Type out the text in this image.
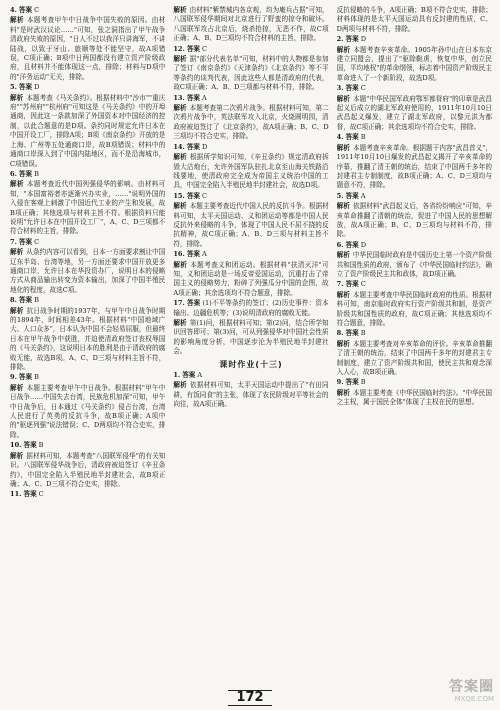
4. 答案 C
解析 本题考查甲午中日战争中国失败的原因。由材料"是时武汉议论……"可知，张之洞指出了甲午战争清政府失败的原因，"日人不过以我洋只讲海军，不讲陆战，以致于牙山、旅顺等处不能坚守，故A项错误，C项正确；B项中日两国都没有建立资产阶级政府，且材料并不能体现这一点，排除；材料与D项中的"洋务运动"无关，排除。
5. 答案 D
解析 本题考查《马关条约》。根据材料中"沙市""重庆府""苏州府""杭州府"可知这是《马关条约》中的开埠通商，因此这一条款加深了外国资本对中国经济的控制，以此合题意的是D项。条约同时规定允许日本在中国开设工厂，排除A项；B项《南京条约》开放的是上海、广州等五处通商口岸，故B项错误；材料中的通商口岸深入到了中国内陆地区，而不是沿海城市，C项错误。
6. 答案 B
解析 本题考查近代中国列强侵华的影响。由材料可知，"本国富裕者亦逐渐兴办实业，……"说明外国的入侵在客观上刺激了中国近代工业的产生和发展，故B项正确；其他选项与材料主旨不符。根据资料只能说明"允许日本在中国开设工厂"，A、C、D三项都不符合材料的主旨，排除。
7. 答案 C
解析 从条约内容可以看到，日本一方面要求割让中国辽东半岛、台湾等地，另一方面还要求中国开放更多通商口岸，允许日本在华投资办厂，说明日本的侵略方式从商品输出转变为资本输出，加深了中国半殖民地化的程度，故选C项。
8. 答案 B
解析 抗日战争时期的1937年，与甲午中日战争时期的1894年，时间相差43年。根据材料"中国地域广大、人口众多"，日本认为中国不会轻易屈服，但最终日本在甲午战争中获胜，并迫使清政府签订丧权辱国的《马关条约》，这说明日本的胜利是由于清政府的腐败无能，故选B项。A、C、D三项与材料主旨不符，排除。
9. 答案 B
解析 本题主要考查甲午中日战争。根据材料"甲午中日战争……中国失去台湾，民族危机加深"可知，甲午中日战争后，日本通过《马关条约》侵占台湾，台湾人民进行了英勇的反抗斗争，故B项正确；A项中的"驱逐列强"说法错误；C、D两项均不符合史实，排除。
10. 答案 B
解析 据材料可知，本题考查"八国联军侵华"的有关知识。八国联军侵华战争后，清政府被迫签订《辛丑条约》，中国完全陷入半殖民地半封建社会，故B项正确；A、C、D三项不符合史实，排除。
11. 答案 C
解析 由材料"紫禁城内各京观，均为庵兵占据"可知，八国联军侵华期间对北京进行了野蛮的掠夺和破坏。八国联军攻占北京后，烧杀抢掠，无恶不作，故C项正确；A、B、D三项均不符合材料的主旨，排除。
12. 答案 C
解析 据"部分代表名单"可知，材料中的人物都是参加了签订《南京条约》《天津条约》《北京条约》等不平等条约的谈判代表，因此这些人都是清政府的代表，故C项正确；A、B、D三项都与材料不符，排除。
13. 答案 A
解析 本题考查第二次鸦片战争。根据材料可知，第二次鸦片战争中，英法联军攻入北京，火烧圆明园，清政府被迫签订了《北京条约》，故A项正确；B、C、D三项均不符合史实，排除。
14. 答案 D
解析 根据所学知识可知，《辛丑条约》规定清政府拆毁大沽炮台，允许外国军队驻扎北京至山海关铁路沿线要地，使清政府完全成为帝国主义统治中国的工具，中国完全陷入半殖民地半封建社会，故选D项。
15. 答案 C
解析 本题主要考查近代中国人民的反抗斗争。根据材料可知，太平天国运动、义和团运动等都是中国人民反抗外来侵略的斗争，体现了中国人民不屈不挠的反抗精神，故C项正确；A、B、D三项与材料主旨不符，排除。
16. 答案 A
解析 本题考查义和团运动。根据材料"扶清灭洋"可知，义和团运动是一场反帝爱国运动，沉重打击了帝国主义的侵略势力，粉碎了列强瓜分中国的企图，故A项正确；其余选项均不符合题意，排除。
17. 答案 (1)不平等条约的签订；(2)历史事件：资本输出、边疆危机等；(3)说明清政府的腐败无能。
解析 第(1)问，根据材料可知；第(2)问，结合所学知识回答即可；第(3)问，可从列强侵华对中国社会性质的影响角度分析，中国逐步沦为半殖民地半封建社会。
课时作业(十三)
1. 答案 A
解析 依据材料可知，太平天国运动中提出了"有田同耕，有饭同食"的主张，体现了农民阶级对平等社会的向往，故A项正确。
反抗侵略的斗争，A项正确；B项不符合史实，排除；材料体现的是太平天国运动具有反封建的性质，C、D两项与材料不符，排除。
2. 答案 D
解析 本题考查辛亥革命。1905年孙中山在日本东京建立同盟会，提出了"驱除鞑虏，恢复中华，创立民国，平均地权"的革命纲领，标志着中国资产阶级民主革命进入了一个新阶段，故选D项。
3. 答案 C
解析 本题"中华民国军政府鄂军都督府"的印章是武昌起义后成立的湖北军政府使用的，1911年10月10日武昌起义爆发，建立了湖北军政府，以黎元洪为都督，故C项正确；其余选项均不符合史实，排除。
4. 答案 B
解析 本题考查辛亥革命。根据题干内容"武昌首义"，1911年10月10日爆发的武昌起义揭开了辛亥革命的序幕，推翻了清王朝的统治，结束了中国两千多年的封建君主专制制度，故B项正确；A、C、D三项均与题意不符，排除。
5. 答案 A
解析 依据材料"武昌起义后，各省纷纷响应"可知，辛亥革命推翻了清朝的统治，促进了中国人民的思想解放，故A项正确；B、C、D三项均与材料不符，排除。
6. 答案 D
解析 中华民国临时政府是中国历史上第一个资产阶级共和国性质的政府，颁布了《中华民国临时约法》，确立了资产阶级民主共和政体，故D项正确。
7. 答案 C
解析 本题主要考查中华民国临时政府的性质。根据材料可知，南京临时政府实行资产阶级共和制，是资产阶级共和国性质的政府，故C项正确；其他选项均不符合题意，排除。
8. 答案 B
解析 本题主要考查对辛亥革命的评价。辛亥革命推翻了清王朝的统治，结束了中国两千多年的封建君主专制制度，建立了资产阶级共和国，使民主共和观念深入人心，故B项正确。
9. 答案 B
解析 本题主要考查《中华民国临时约法》。"中华民国之主权，属于国民全体"体现了主权在民的思想。
172
答案圈
MXQE.COM
